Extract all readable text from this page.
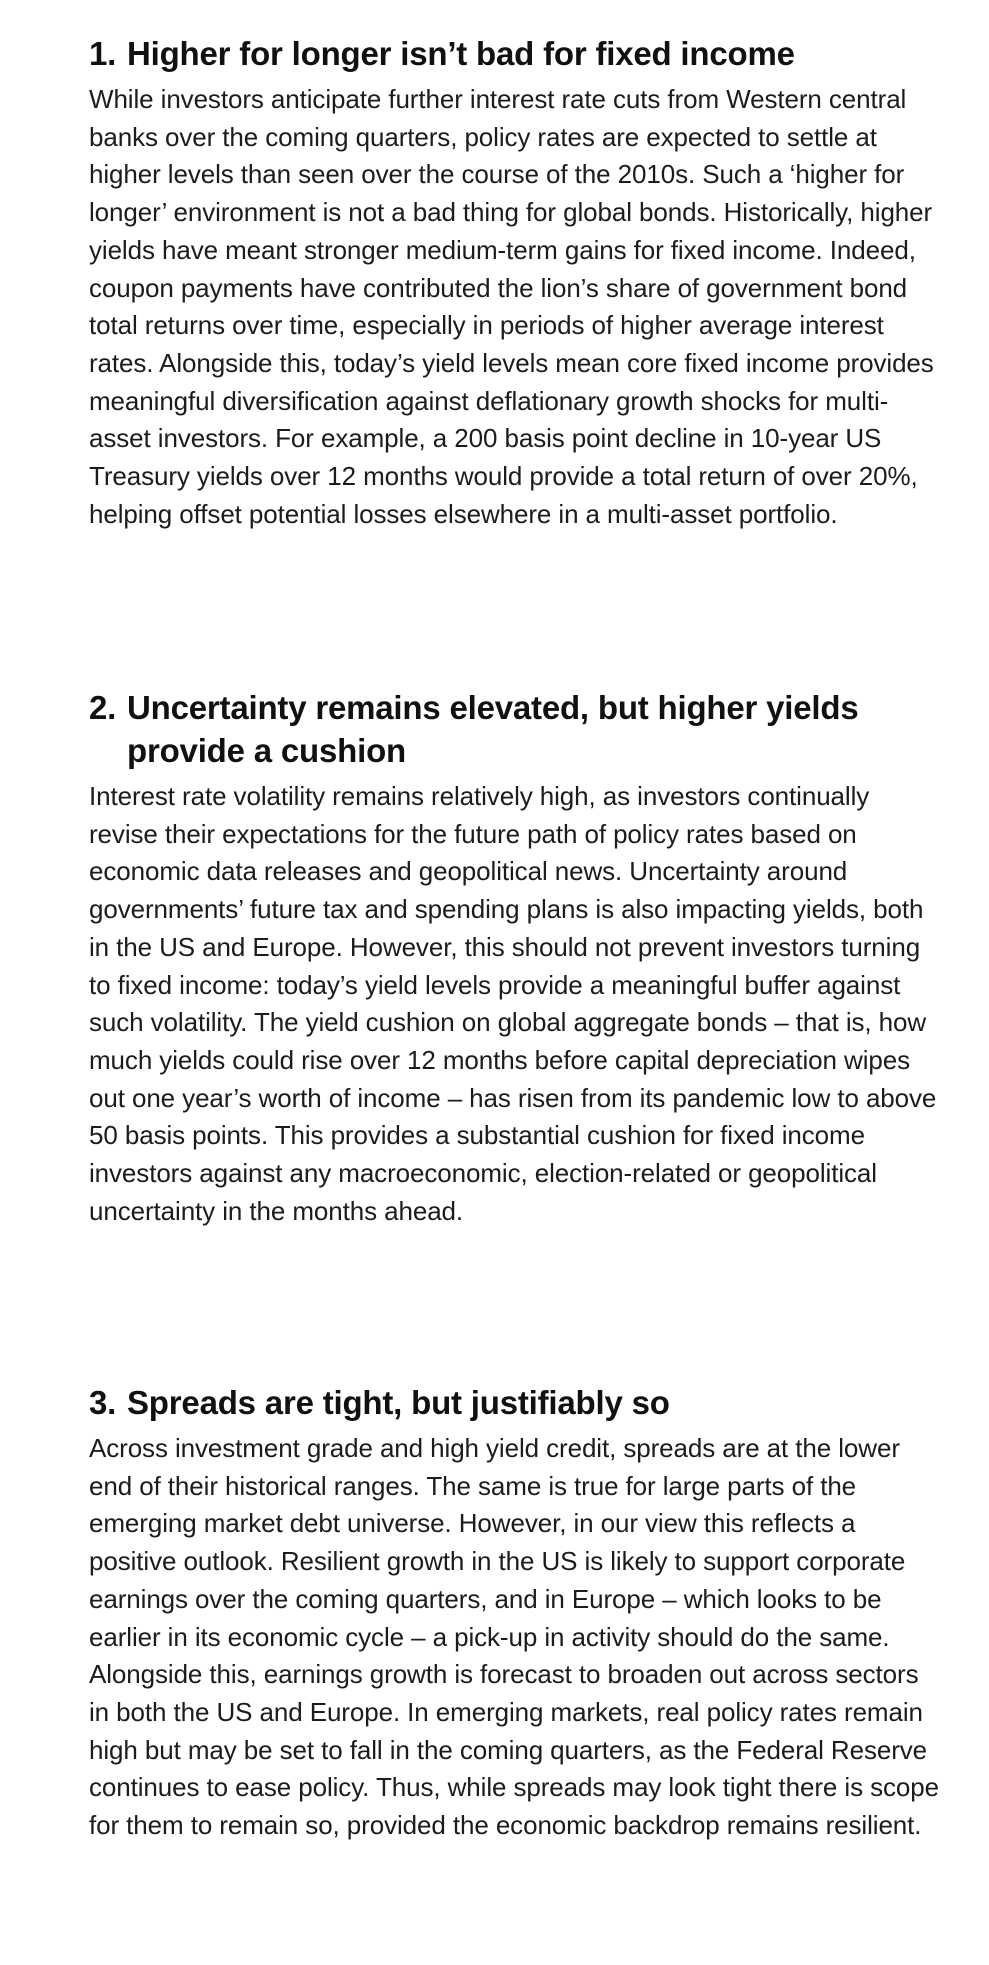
1. Higher for longer isn’t bad for fixed income

While investors anticipate further interest rate cuts from Western central banks over the coming quarters, policy rates are expected to settle at higher levels than seen over the course of the 2010s. Such a ‘higher for longer’ environment is not a bad thing for global bonds. Historically, higher yields have meant stronger medium-term gains for fixed income. Indeed, coupon payments have contributed the lion’s share of government bond total returns over time, especially in periods of higher average interest rates. Alongside this, today’s yield levels mean core fixed income provides meaningful diversification against deflationary growth shocks for multi-asset investors. For example, a 200 basis point decline in 10-year US Treasury yields over 12 months would provide a total return of over 20%, helping offset potential losses elsewhere in a multi-asset portfolio.

2. Uncertainty remains elevated, but higher yields provide a cushion

Interest rate volatility remains relatively high, as investors continually revise their expectations for the future path of policy rates based on economic data releases and geopolitical news. Uncertainty around governments’ future tax and spending plans is also impacting yields, both in the US and Europe. However, this should not prevent investors turning to fixed income: today’s yield levels provide a meaningful buffer against such volatility. The yield cushion on global aggregate bonds – that is, how much yields could rise over 12 months before capital depreciation wipes out one year’s worth of income – has risen from its pandemic low to above 50 basis points. This provides a substantial cushion for fixed income investors against any macroeconomic, election-related or geopolitical uncertainty in the months ahead.

3. Spreads are tight, but justifiably so

Across investment grade and high yield credit, spreads are at the lower end of their historical ranges. The same is true for large parts of the emerging market debt universe. However, in our view this reflects a positive outlook. Resilient growth in the US is likely to support corporate earnings over the coming quarters, and in Europe – which looks to be earlier in its economic cycle – a pick-up in activity should do the same. Alongside this, earnings growth is forecast to broaden out across sectors in both the US and Europe. In emerging markets, real policy rates remain high but may be set to fall in the coming quarters, as the Federal Reserve continues to ease policy. Thus, while spreads may look tight there is scope for them to remain so, provided the economic backdrop remains resilient.
